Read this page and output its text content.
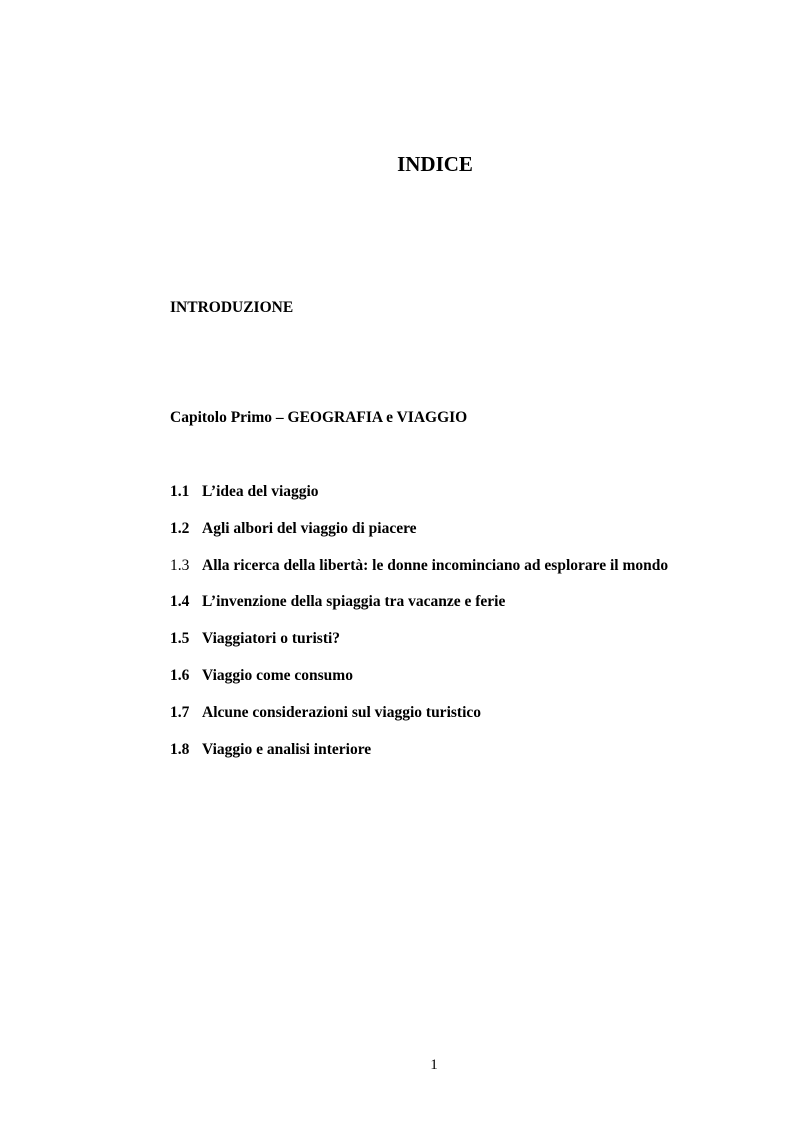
INDICE
INTRODUZIONE
Capitolo Primo – GEOGRAFIA e VIAGGIO
1.1 L’idea del viaggio
1.2 Agli albori del viaggio di piacere
1.3 Alla ricerca della libertà: le donne incominciano ad esplorare il mondo
1.4 L’invenzione della spiaggia tra vacanze e ferie
1.5 Viaggiatori o turisti?
1.6 Viaggio come consumo
1.7 Alcune considerazioni sul viaggio turistico
1.8 Viaggio e analisi interiore
1
